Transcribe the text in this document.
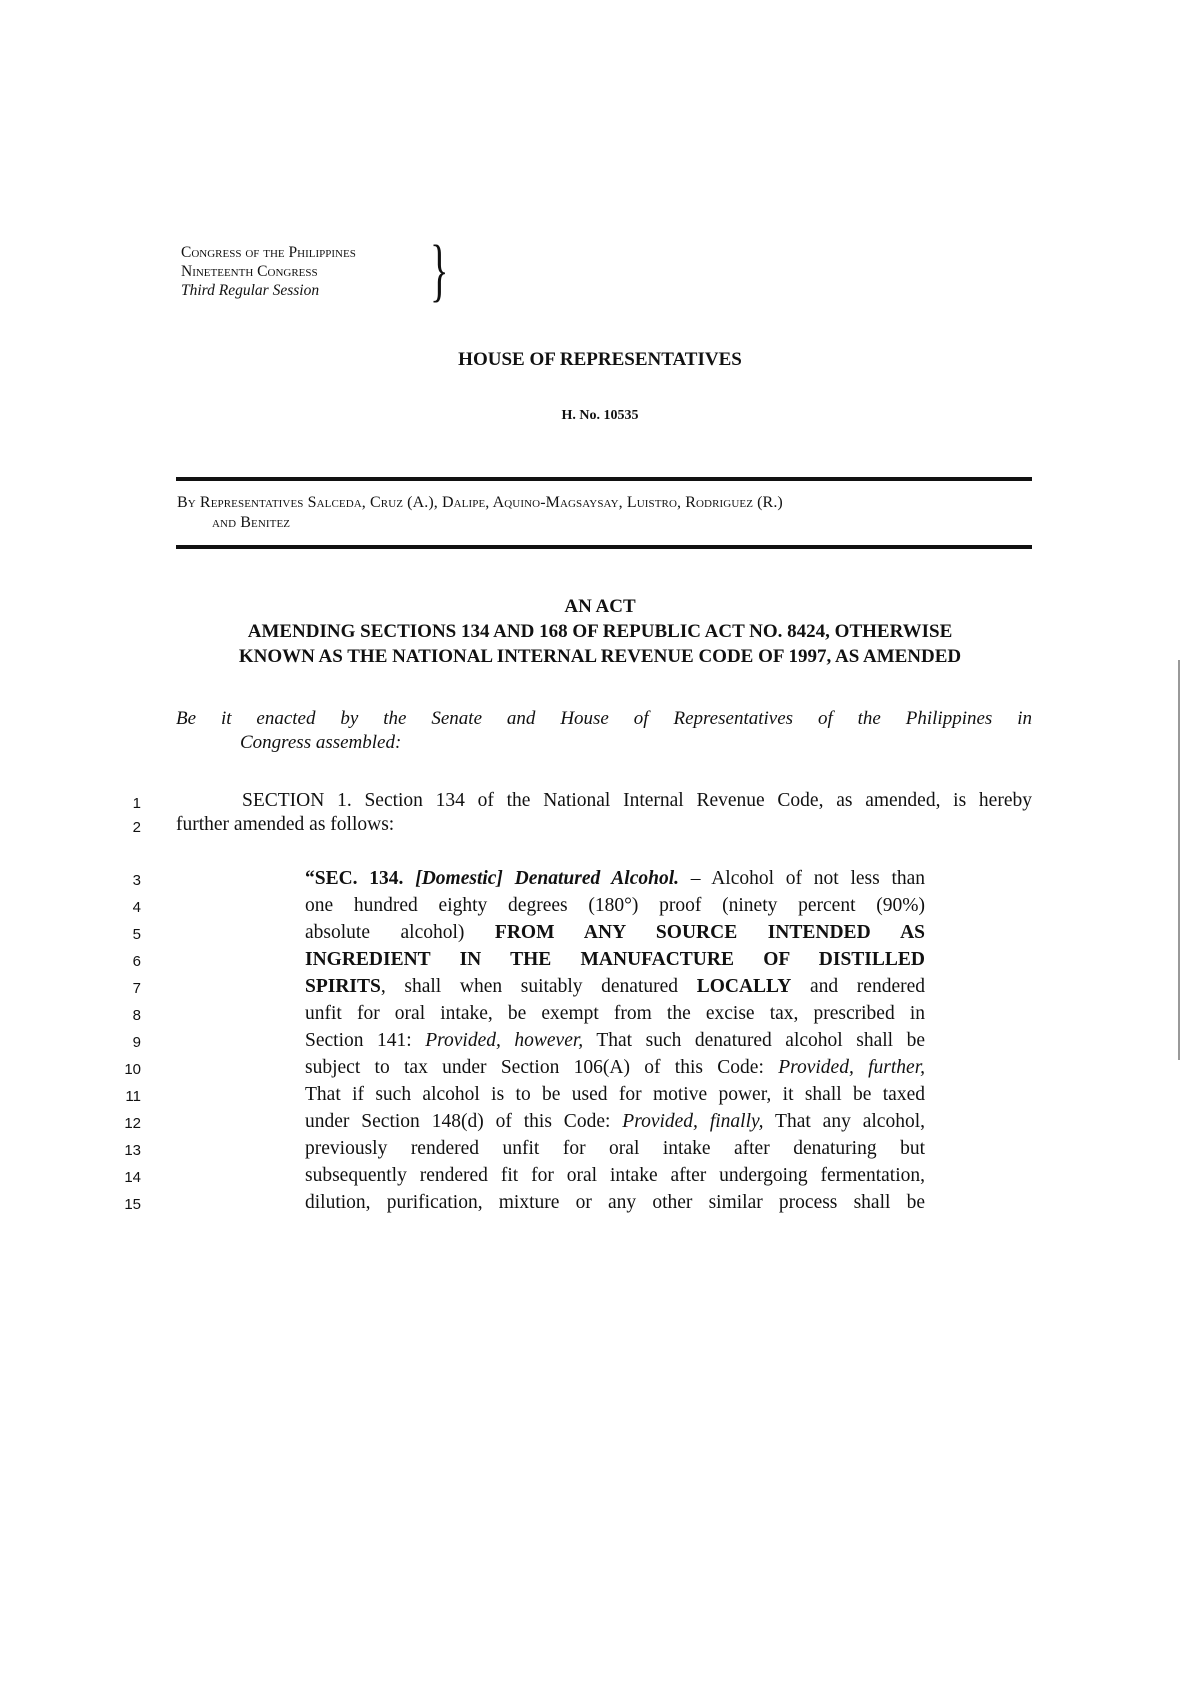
Congress of the Philippines
Nineteenth Congress
Third Regular Session	}
HOUSE OF REPRESENTATIVES
H. No. 10535
By Representatives Salceda, Cruz (A.), Dalipe, Aquino-Magsaysay, Luistro, Rodriguez (R.)
and Benitez
AN ACT
AMENDING SECTIONS 134 AND 168 OF REPUBLIC ACT NO. 8424, OTHERWISE
KNOWN AS THE NATIONAL INTERNAL REVENUE CODE OF 1997, AS AMENDED
Be it enacted by the Senate and House of Representatives of the Philippines in
Congress assembled:
1
2
3
4
5
6
7
8
9
10
11
12
13
14
15
SECTION 1. Section 134 of the National Internal Revenue Code, as amended, is hereby
further amended as follows:
“SEC. 134. [Domestic] Denatured Alcohol. – Alcohol of not less than
one hundred eighty degrees (180°) proof (ninety percent (90%)
absolute alcohol) FROM ANY SOURCE INTENDED AS
INGREDIENT IN THE MANUFACTURE OF DISTILLED
SPIRITS, shall when suitably denatured LOCALLY and rendered
unfit for oral intake, be exempt from the excise tax, prescribed in
Section 141: Provided, however, That such denatured alcohol shall be
subject to tax under Section 106(A) of this Code: Provided, further,
That if such alcohol is to be used for motive power, it shall be taxed
under Section 148(d) of this Code: Provided, finally, That any alcohol,
previously rendered unfit for oral intake after denaturing but
subsequently rendered fit for oral intake after undergoing fermentation,
dilution, purification, mixture or any other similar process shall be
